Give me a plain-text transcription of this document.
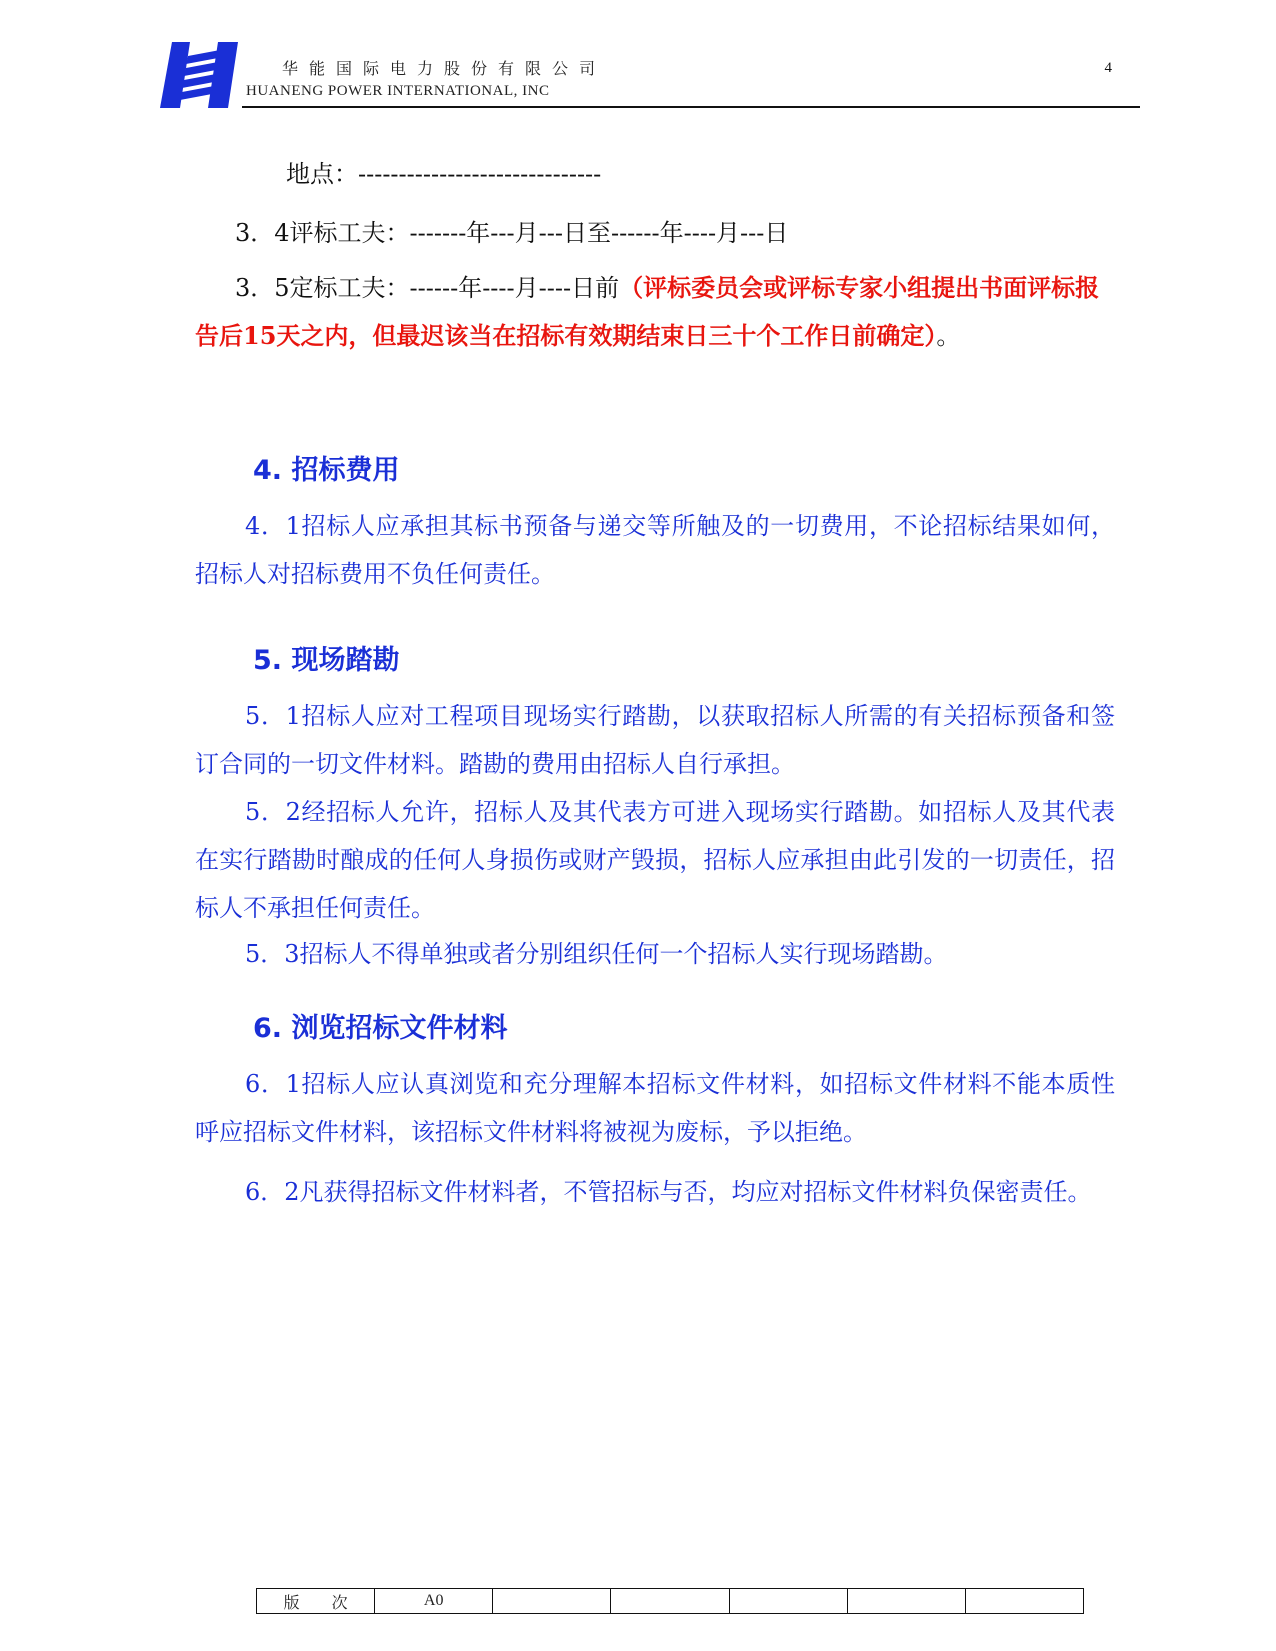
华能国际电力股份有限公司
HUANENG POWER INTERNATIONAL, INC
4
地点：------------------------------
3．4评标工夫：-------年---月---日至------年----月---日
3．5定标工夫：------年----月----日前（评标委员会或评标专家小组提出书面评标报告后15天之内，但最迟该当在招标有效期结束日三十个工作日前确定）。
4. 招标费用
4．1招标人应承担其标书预备与递交等所触及的一切费用，不论招标结果如何，招标人对招标费用不负任何责任。
5. 现场踏勘
5．1招标人应对工程项目现场实行踏勘，以获取招标人所需的有关招标预备和签订合同的一切文件材料。踏勘的费用由招标人自行承担。
5．2经招标人允许，招标人及其代表方可进入现场实行踏勘。如招标人及其代表在实行踏勘时酿成的任何人身损伤或财产毁损，招标人应承担由此引发的一切责任，招标人不承担任何责任。
5．3招标人不得单独或者分别组织任何一个招标人实行现场踏勘。
6. 浏览招标文件材料
6．1招标人应认真浏览和充分理解本招标文件材料，如招标文件材料不能本质性呼应招标文件材料，该招标文件材料将被视为废标，予以拒绝。
6．2凡获得招标文件材料者，不管招标与否，均应对招标文件材料负保密责任。
版　　次	A0					
